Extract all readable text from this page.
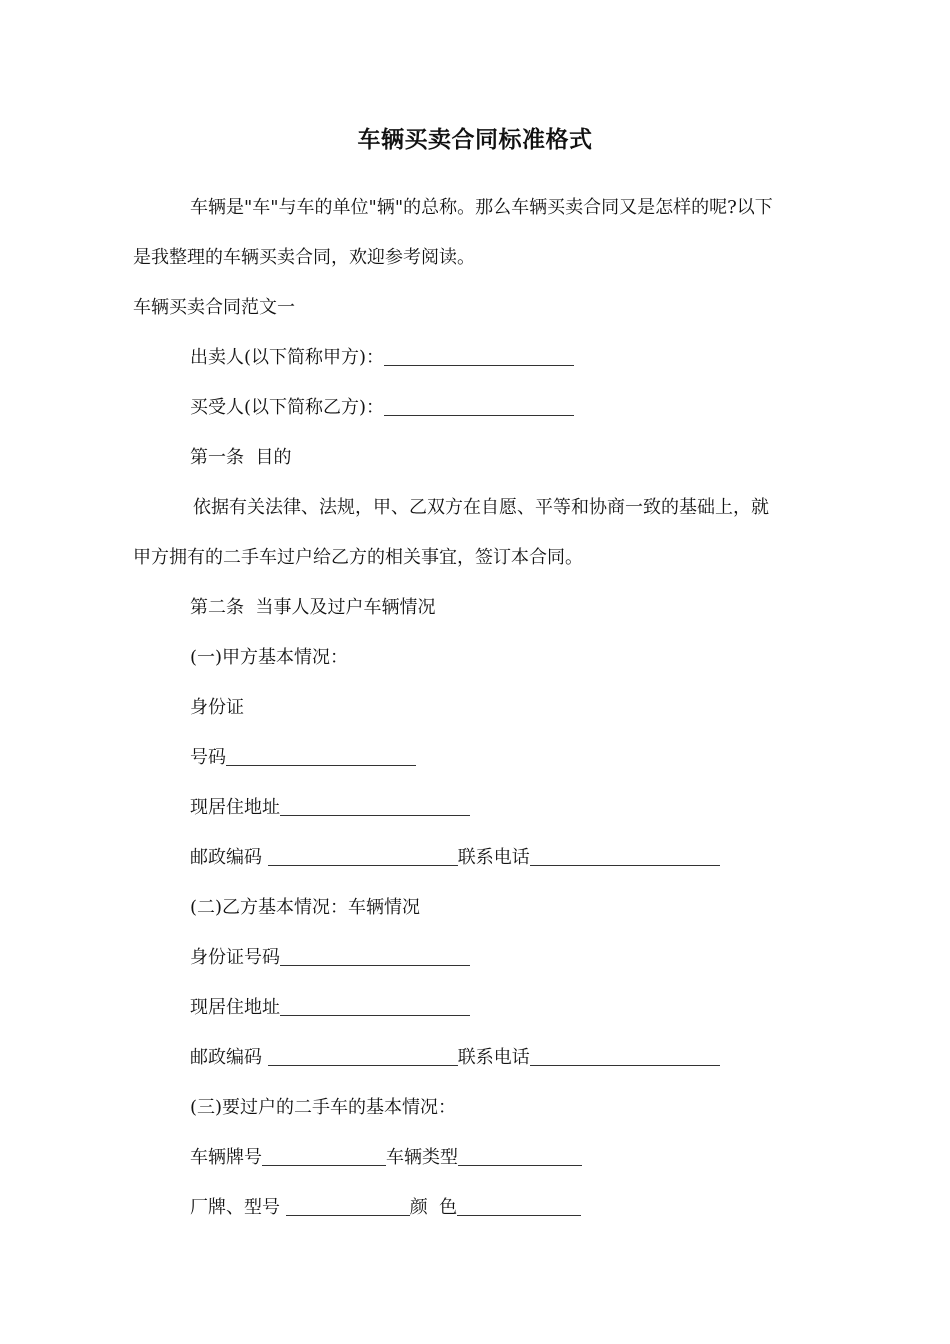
车辆买卖合同标准格式
车辆是"车"与车的单位"辆"的总称。那么车辆买卖合同又是怎样的呢?以下
是我整理的车辆买卖合同，欢迎参考阅读。
车辆买卖合同范文一
出卖人(以下简称甲方)：
买受人(以下简称乙方)：
第一条  目的
依据有关法律、法规，甲、乙双方在自愿、平等和协商一致的基础上，就
甲方拥有的二手车过户给乙方的相关事宜，签订本合同。
第二条  当事人及过户车辆情况
(一)甲方基本情况：
身份证
号码
现居住地址
邮政编码	联系电话
(二)乙方基本情况：车辆情况
身份证号码
现居住地址
邮政编码	联系电话
(三)要过户的二手车的基本情况：
车辆牌号	车辆类型
厂牌、型号	颜  色
